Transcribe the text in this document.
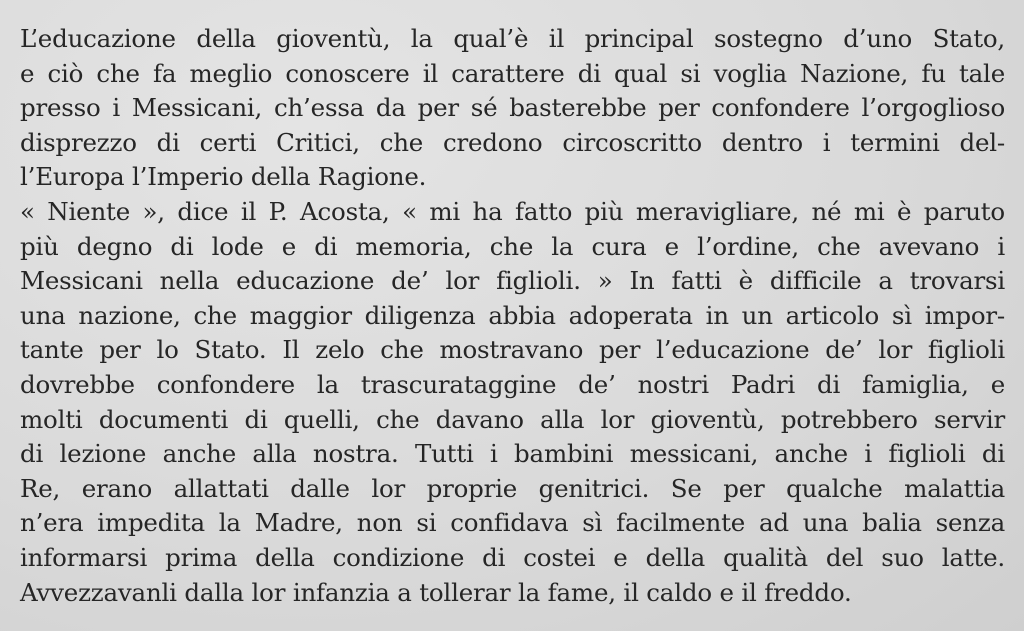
L’educazione della gioventù, la qual’è il principal sostegno d’uno Stato,
e ciò che fa meglio conoscere il carattere di qual si voglia Nazione, fu tale
presso i Messicani, ch’essa da per sé basterebbe per confondere l’orgoglioso
disprezzo di certi Critici, che credono circoscritto dentro i termini del-
l’Europa l’Imperio della Ragione.
« Niente », dice il P. Acosta, « mi ha fatto più meravigliare, né mi è paruto
più degno di lode e di memoria, che la cura e l’ordine, che avevano i
Messicani nella educazione de’ lor figlioli. » In fatti è difficile a trovarsi
una nazione, che maggior diligenza abbia adoperata in un articolo sì impor-
tante per lo Stato. Il zelo che mostravano per l’educazione de’ lor figlioli
dovrebbe confondere la trascurataggine de’ nostri Padri di famiglia, e
molti documenti di quelli, che davano alla lor gioventù, potrebbero servir
di lezione anche alla nostra. Tutti i bambini messicani, anche i figlioli di
Re, erano allattati dalle lor proprie genitrici. Se per qualche malattia
n’era impedita la Madre, non si confidava sì facilmente ad una balia senza
informarsi prima della condizione di costei e della qualità del suo latte.
Avvezzavanli dalla lor infanzia a tollerar la fame, il caldo e il freddo.
